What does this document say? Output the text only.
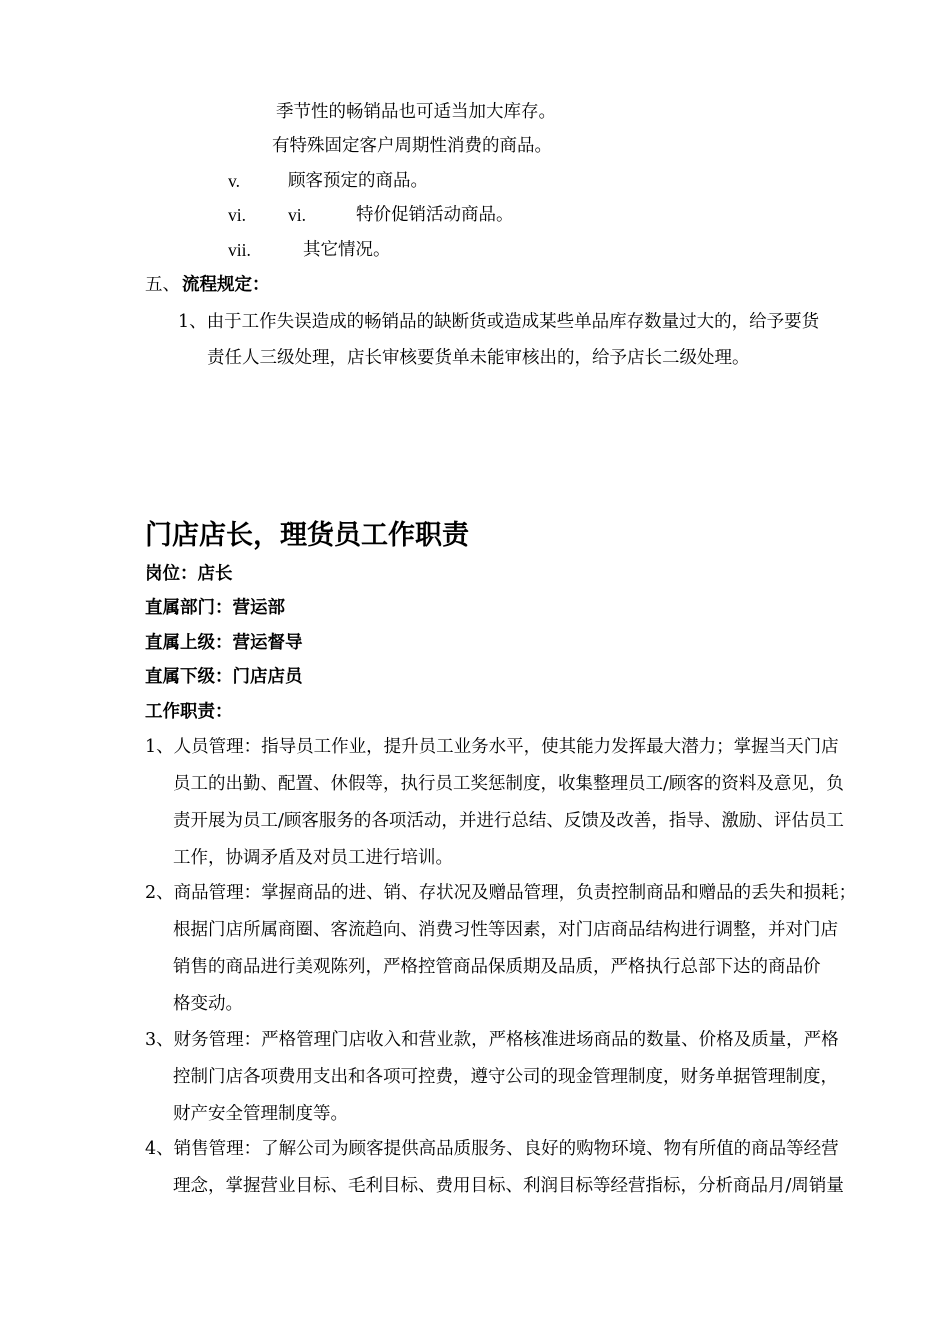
季节性的畅销品也可适当加大库存。
有特殊固定客户周期性消费的商品。
v.	顾客预定的商品。
vi. vi.	特价促销活动商品。
vii.	其它情况。
五、 流程规定：
1、由于工作失误造成的畅销品的缺断货或造成某些单品库存数量过大的，给予要货
责任人三级处理，店长审核要货单未能审核出的，给予店长二级处理。
门店店长，理货员工作职责
岗位：店长
直属部门：营运部
直属上级：营运督导
直属下级：门店店员
工作职责：
1、人员管理：指导员工作业，提升员工业务水平，使其能力发挥最大潜力；掌握当天门店
员工的出勤、配置、休假等，执行员工奖惩制度，收集整理员工/顾客的资料及意见，负
责开展为员工/顾客服务的各项活动，并进行总结、反馈及改善，指导、激励、评估员工
工作，协调矛盾及对员工进行培训。
2、商品管理：掌握商品的进、销、存状况及赠品管理，负责控制商品和赠品的丢失和损耗；
根据门店所属商圈、客流趋向、消费习性等因素，对门店商品结构进行调整，并对门店
销售的商品进行美观陈列，严格控管商品保质期及品质，严格执行总部下达的商品价
格变动。
3、财务管理：严格管理门店收入和营业款，严格核准进场商品的数量、价格及质量，严格
控制门店各项费用支出和各项可控费，遵守公司的现金管理制度，财务单据管理制度，
财产安全管理制度等。
4、销售管理：了解公司为顾客提供高品质服务、良好的购物环境、物有所值的商品等经营
理念，掌握营业目标、毛利目标、费用目标、利润目标等经营指标，分析商品月/周销量
